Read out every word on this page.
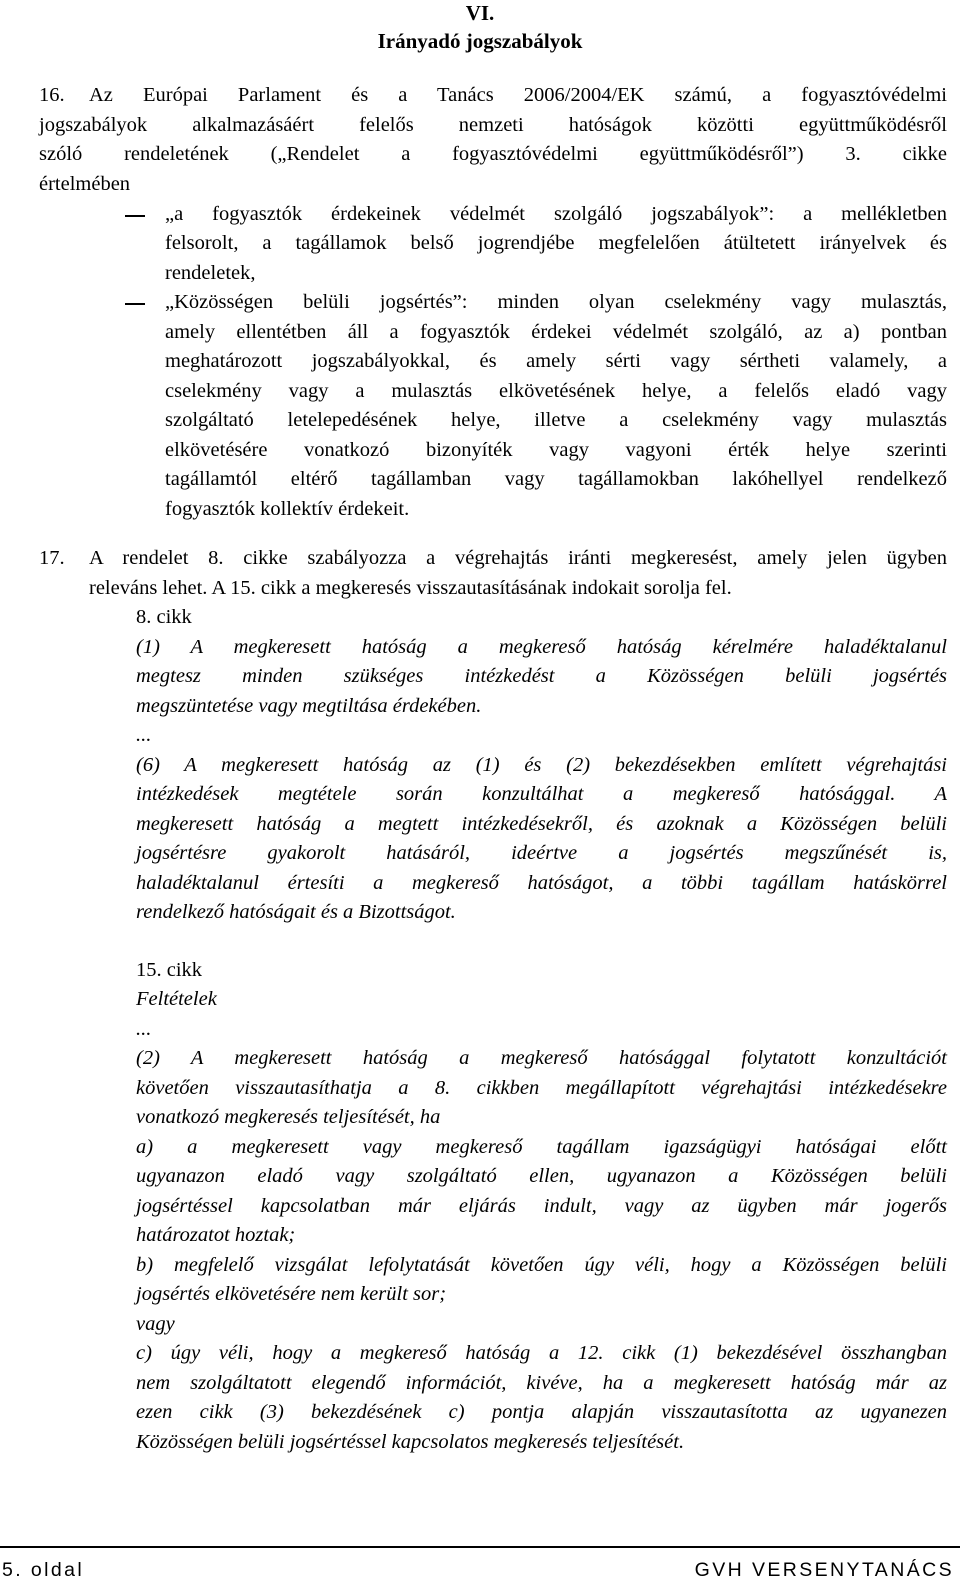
VI.
Irányadó jogszabályok
16. Az Európai Parlament és a Tanács 2006/2004/EK számú, a fogyasztóvédelmi
jogszabályok alkalmazásáért felelős nemzeti hatóságok közötti együttműködésről
szóló rendeletének („Rendelet a fogyasztóvédelmi együttműködésről”) 3. cikke
értelmében
„a fogyasztók érdekeinek védelmét szolgáló jogszabályok”: a mellékletben
felsorolt, a tagállamok belső jogrendjébe megfelelően átültetett irányelvek és
rendeletek,
„Közösségen belüli jogsértés”: minden olyan cselekmény vagy mulasztás,
amely ellentétben áll a fogyasztók érdekei védelmét szolgáló, az a) pontban
meghatározott jogszabályokkal, és amely sérti vagy sértheti valamely, a
cselekmény vagy a mulasztás elkövetésének helye, a felelős eladó vagy
szolgáltató letelepedésének helye, illetve a cselekmény vagy mulasztás
elkövetésére vonatkozó bizonyíték vagy vagyoni érték helye szerinti
tagállamtól eltérő tagállamban vagy tagállamokban lakóhellyel rendelkező
fogyasztók kollektív érdekeit.
17. A rendelet 8. cikke szabályozza a végrehajtás iránti megkeresést, amely jelen ügyben
releváns lehet. A 15. cikk a megkeresés visszautasításának indokait sorolja fel.
8. cikk
(1) A megkeresett hatóság a megkereső hatóság kérelmére haladéktalanul
megtesz minden szükséges intézkedést a Közösségen belüli jogsértés
megszüntetése vagy megtiltása érdekében.
...
(6) A megkeresett hatóság az (1) és (2) bekezdésekben említett végrehajtási
intézkedések megtétele során konzultálhat a megkereső hatósággal. A
megkeresett hatóság a megtett intézkedésekről, és azoknak a Közösségen belüli
jogsértésre gyakorolt hatásáról, ideértve a jogsértés megszűnését is,
haladéktalanul értesíti a megkereső hatóságot, a többi tagállam hatáskörrel
rendelkező hatóságait és a Bizottságot.
15. cikk
Feltételek
...
(2) A megkeresett hatóság a megkereső hatósággal folytatott konzultációt
követően visszautasíthatja a 8. cikkben megállapított végrehajtási intézkedésekre
vonatkozó megkeresés teljesítését, ha
a) a megkeresett vagy megkereső tagállam igazságügyi hatóságai előtt
ugyanazon eladó vagy szolgáltató ellen, ugyanazon a Közösségen belüli
jogsértéssel kapcsolatban már eljárás indult, vagy az ügyben már jogerős
határozatot hoztak;
b) megfelelő vizsgálat lefolytatását követően úgy véli, hogy a Közösségen belüli
jogsértés elkövetésére nem került sor;
vagy
c) úgy véli, hogy a megkereső hatóság a 12. cikk (1) bekezdésével összhangban
nem szolgáltatott elegendő információt, kivéve, ha a megkeresett hatóság már az
ezen cikk (3) bekezdésének c) pontja alapján visszautasította az ugyanezen
Közösségen belüli jogsértéssel kapcsolatos megkeresés teljesítését.
5. oldal	GVH VERSENYTANÁCS
